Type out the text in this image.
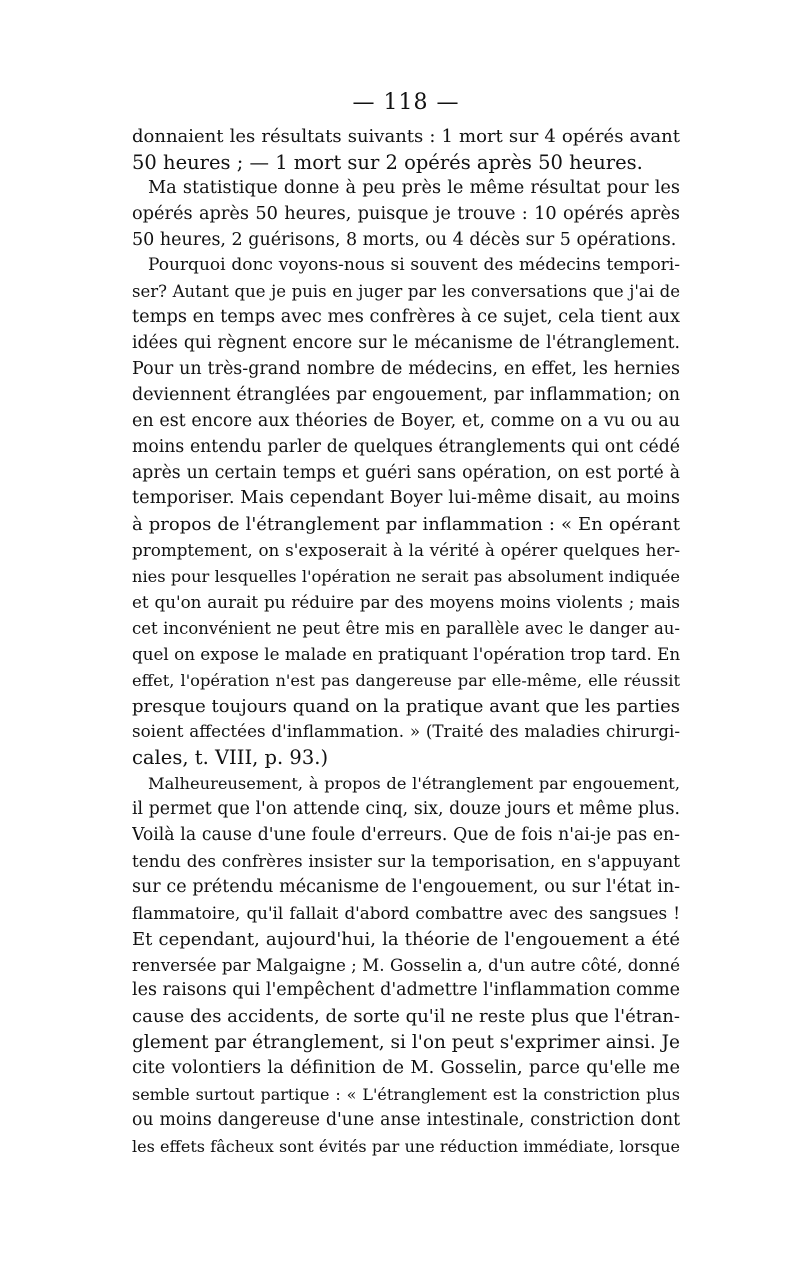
— 118 —
donnaient les résultats suivants : 1 mort sur 4 opérés avant
50 heures ; — 1 mort sur 2 opérés après 50 heures.
Ma statistique donne à peu près le même résultat pour les
opérés après 50 heures, puisque je trouve : 10 opérés après
50 heures, 2 guérisons, 8 morts, ou 4 décès sur 5 opérations.
Pourquoi donc voyons-nous si souvent des médecins tempori-
ser? Autant que je puis en juger par les conversations que j'ai de
temps en temps avec mes confrères à ce sujet, cela tient aux
idées qui règnent encore sur le mécanisme de l'étranglement.
Pour un très-grand nombre de médecins, en effet, les hernies
deviennent étranglées par engouement, par inflammation; on
en est encore aux théories de Boyer, et, comme on a vu ou au
moins entendu parler de quelques étranglements qui ont cédé
après un certain temps et guéri sans opération, on est porté à
temporiser. Mais cependant Boyer lui-même disait, au moins
à propos de l'étranglement par inflammation : « En opérant
promptement, on s'exposerait à la vérité à opérer quelques her-
nies pour lesquelles l'opération ne serait pas absolument indiquée
et qu'on aurait pu réduire par des moyens moins violents ; mais
cet inconvénient ne peut être mis en parallèle avec le danger au-
quel on expose le malade en pratiquant l'opération trop tard. En
effet, l'opération n'est pas dangereuse par elle-même, elle réussit
presque toujours quand on la pratique avant que les parties
soient affectées d'inflammation. » (Traité des maladies chirurgi-
cales, t. VIII, p. 93.)
Malheureusement, à propos de l'étranglement par engouement,
il permet que l'on attende cinq, six, douze jours et même plus.
Voilà la cause d'une foule d'erreurs. Que de fois n'ai-je pas en-
tendu des confrères insister sur la temporisation, en s'appuyant
sur ce prétendu mécanisme de l'engouement, ou sur l'état in-
flammatoire, qu'il fallait d'abord combattre avec des sangsues !
Et cependant, aujourd'hui, la théorie de l'engouement a été
renversée par Malgaigne ; M. Gosselin a, d'un autre côté, donné
les raisons qui l'empêchent d'admettre l'inflammation comme
cause des accidents, de sorte qu'il ne reste plus que l'étran-
glement par étranglement, si l'on peut s'exprimer ainsi. Je
cite volontiers la définition de M. Gosselin, parce qu'elle me
semble surtout partique : « L'étranglement est la constriction plus
ou moins dangereuse d'une anse intestinale, constriction dont
les effets fâcheux sont évités par une réduction immédiate, lorsque
